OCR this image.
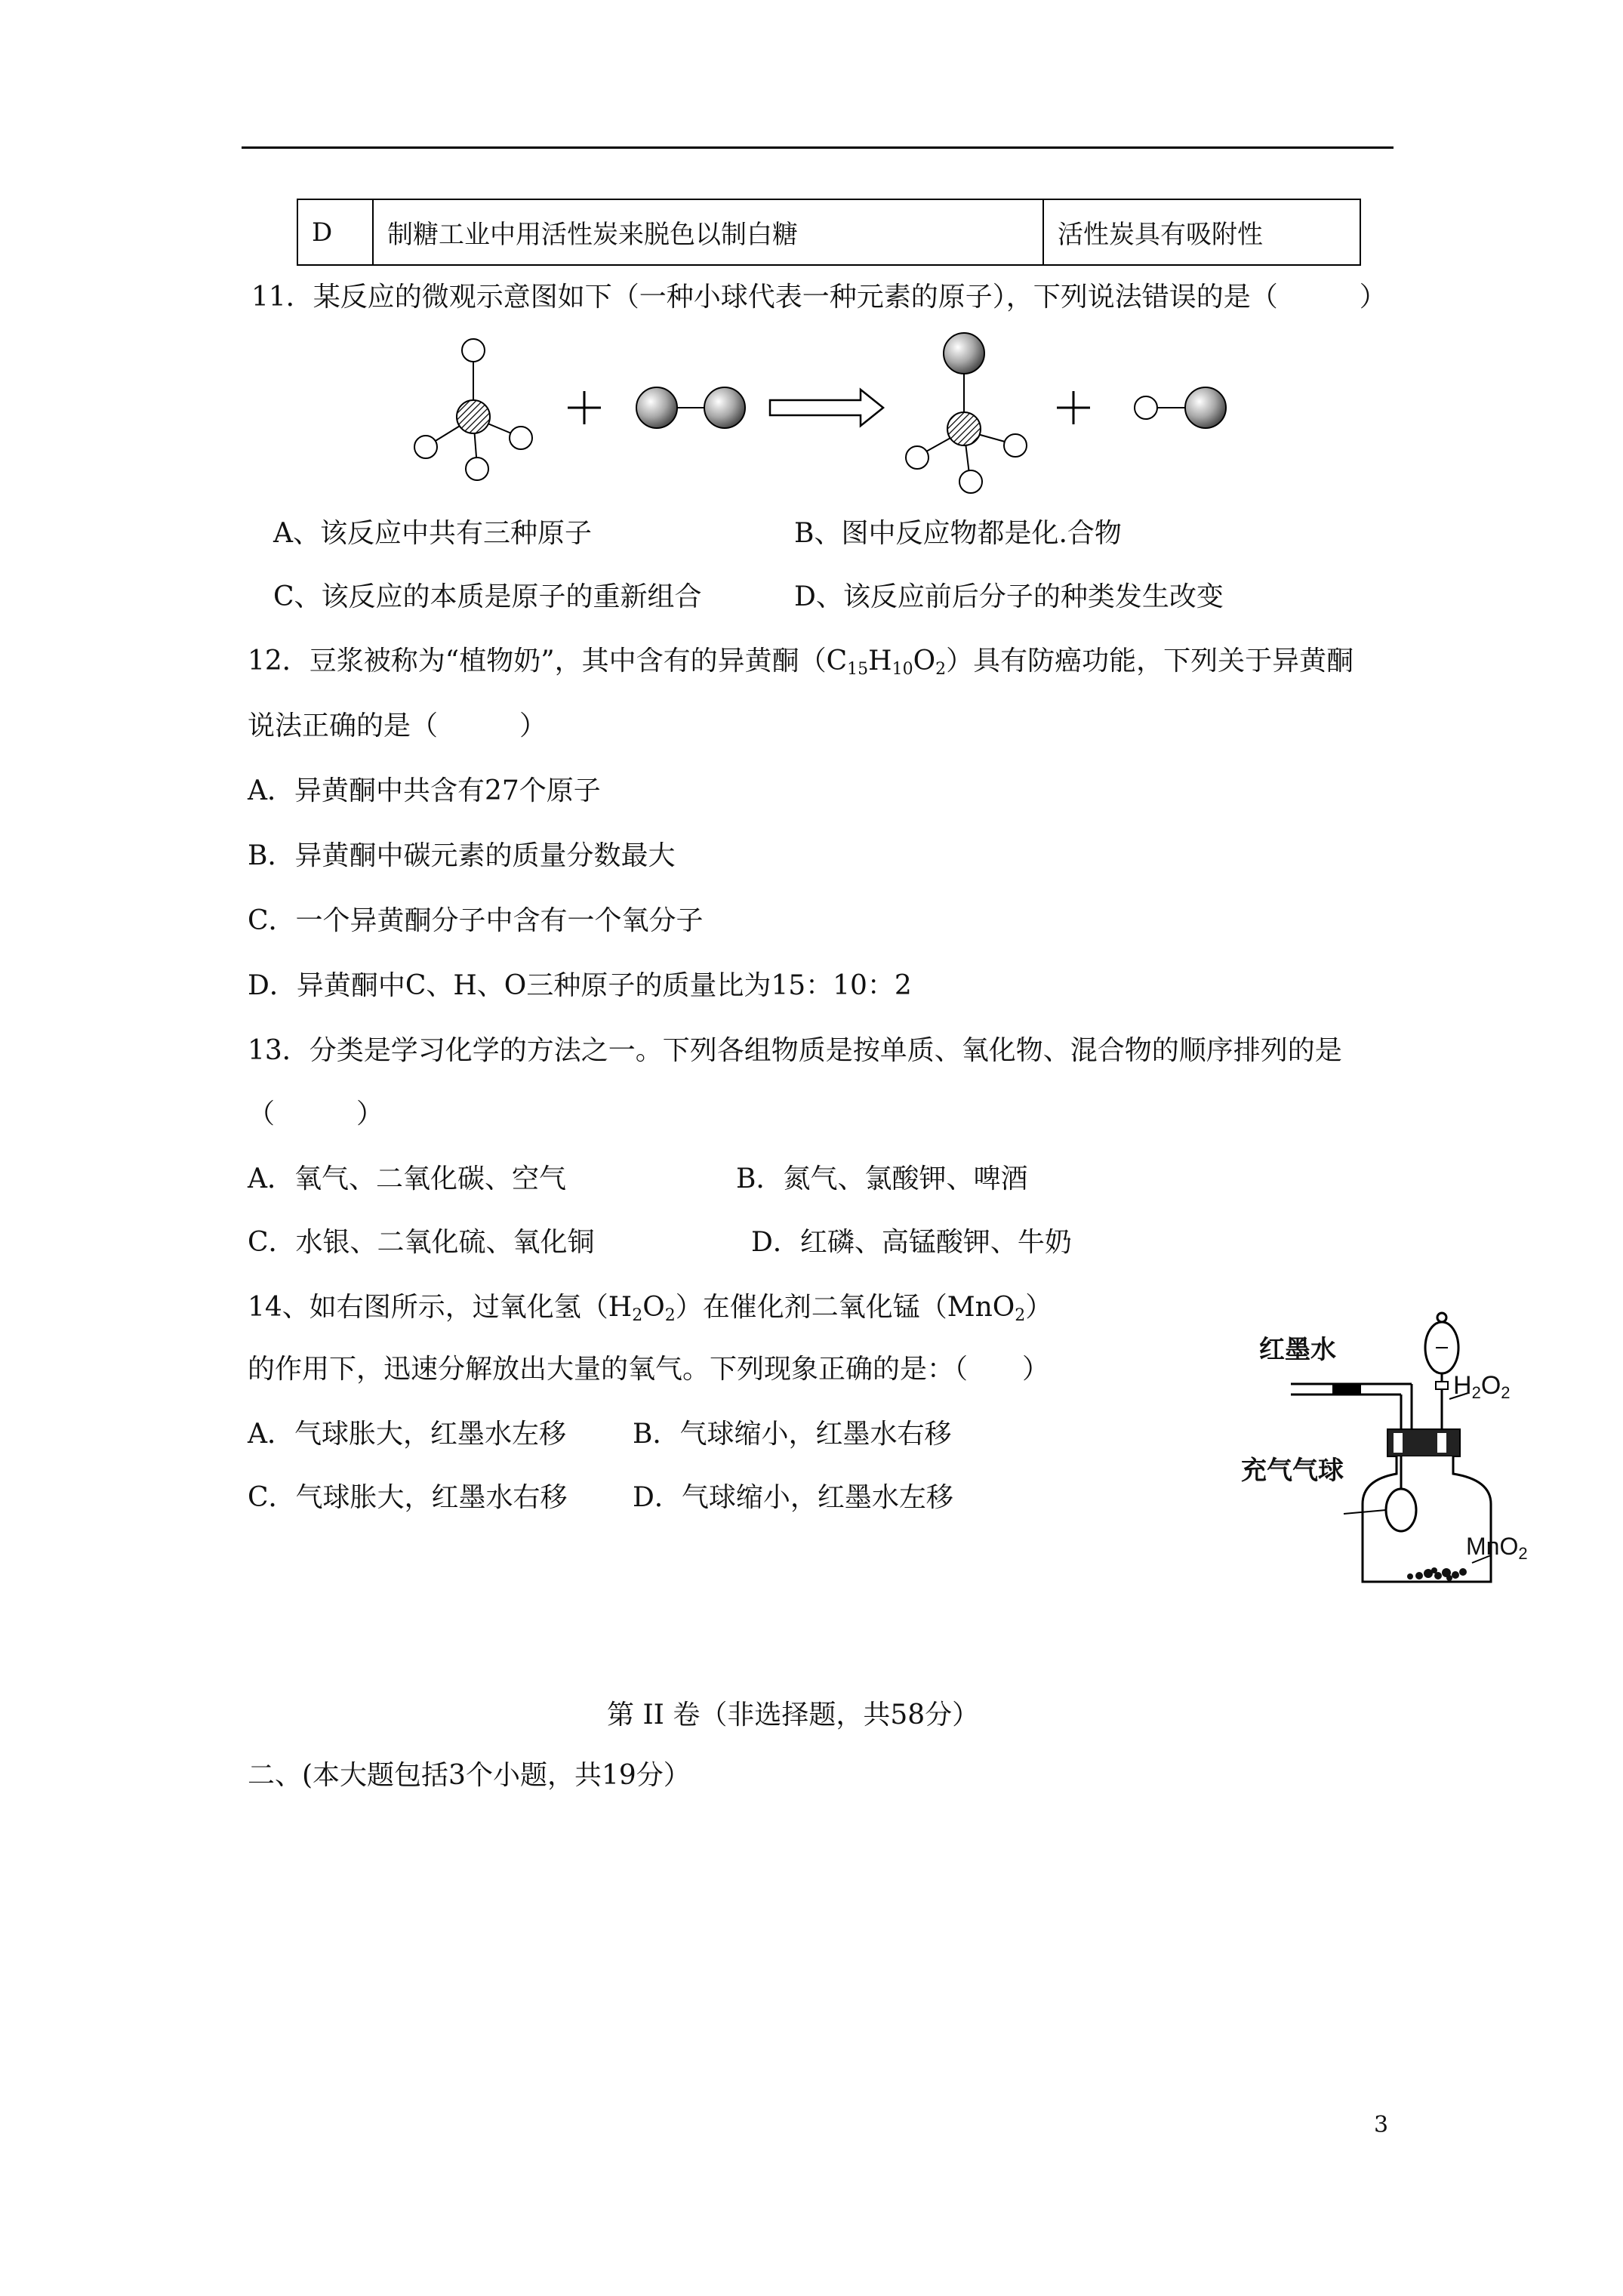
D	制糖工业中用活性炭来脱色以制白糖	活性炭具有吸附性
11．某反应的微观示意图如下（一种小球代表一种元素的原子），下列说法错误的是（　　　）
A、该反应中共有三种原子	B、图中反应物都是化.合物
C、该反应的本质是原子的重新组合	D、该反应前后分子的种类发生改变
12．豆浆被称为“植物奶”，其中含有的异黄酮$(C_{15}H_{10}O_2)$具有防癌功能，下列关于异黄酮
说法正确的是（　　　）
A．异黄酮中共含有27个原子
B．异黄酮中碳元素的质量分数最大
C．一个异黄酮分子中含有一个氧分子
D．异黄酮中C、H、O三种原子的质量比为15：10：2
13．分类是学习化学的方法之一。下列各组物质是按单质、氧化物、混合物的顺序排列的是
（　　　）
A．氧气、二氧化碳、空气	B．氮气、氯酸钾、啤酒
C．水银、二氧化硫、氧化铜	D．红磷、高锰酸钾、牛奶
14、如右图所示，过氧化氢$(H_2O_2)$在催化剂二氧化锰（MnO$_2$）
的作用下，迅速分解放出大量的氧气。下列现象正确的是：（　　）
A．气球胀大，红墨水左移 B．气球缩小，红墨水右移
C．气球胀大，红墨水右移 D．气球缩小，红墨水左移
红墨水
$H_2O_2$
充气气球
MnO$_2$
第 II 卷（非选择题，共58分）
二、(本大题包括3个小题，共19分）
3
